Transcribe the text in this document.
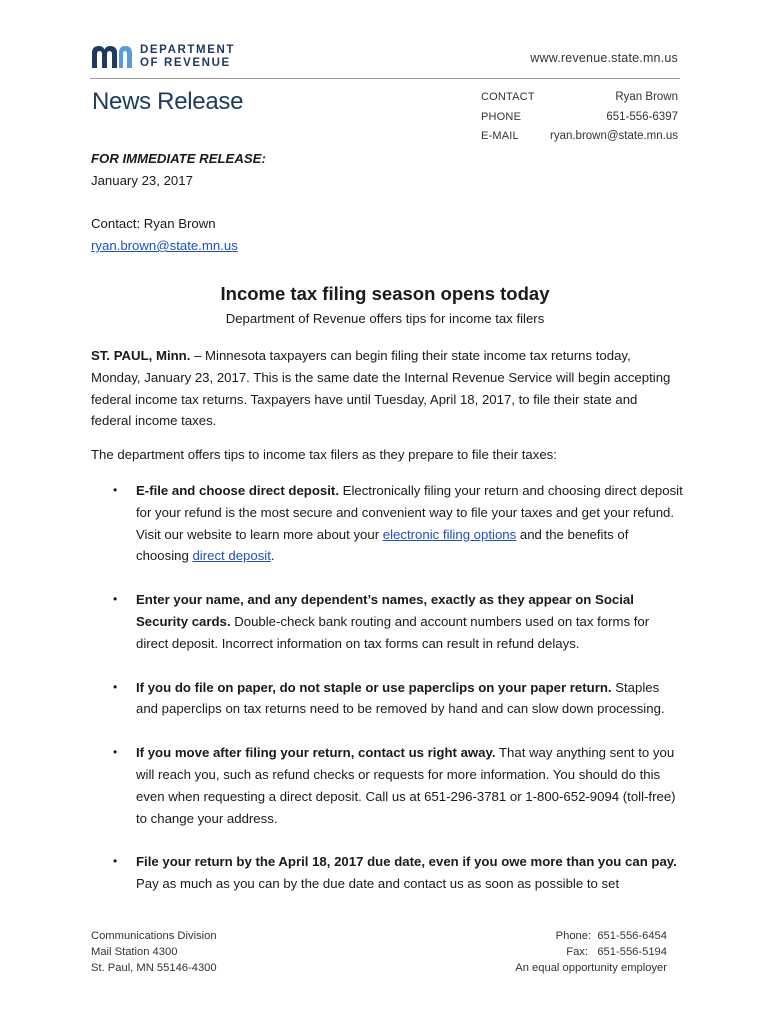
DEPARTMENT
OF REVENUE	www.revenue.state.mn.us
News Release	CONTACT	Ryan Brown
PHONE	651-556-6397
E-MAIL	ryan.brown@state.mn.us
FOR IMMEDIATE RELEASE:
January 23, 2017
Contact: Ryan Brown
ryan.brown@state.mn.us
Income tax filing season opens today
Department of Revenue offers tips for income tax filers
ST. PAUL, Minn. – Minnesota taxpayers can begin filing their state income tax returns today, Monday, January 23, 2017. This is the same date the Internal Revenue Service will begin accepting federal income tax returns. Taxpayers have until Tuesday, April 18, 2017, to file their state and federal income taxes.
The department offers tips to income tax filers as they prepare to file their taxes:
• E-file and choose direct deposit. Electronically filing your return and choosing direct deposit for your refund is the most secure and convenient way to file your taxes and get your refund. Visit our website to learn more about your electronic filing options and the benefits of choosing direct deposit.
• Enter your name, and any dependent’s names, exactly as they appear on Social Security cards. Double-check bank routing and account numbers used on tax forms for direct deposit. Incorrect information on tax forms can result in refund delays.
• If you do file on paper, do not staple or use paperclips on your paper return. Staples and paperclips on tax returns need to be removed by hand and can slow down processing.
• If you move after filing your return, contact us right away. That way anything sent to you will reach you, such as refund checks or requests for more information. You should do this even when requesting a direct deposit. Call us at 651-296-3781 or 1-800-652-9094 (toll-free) to change your address.
• File your return by the April 18, 2017 due date, even if you owe more than you can pay. Pay as much as you can by the due date and contact us as soon as possible to set
Communications Division
Mail Station 4300
St. Paul, MN 55146-4300
Phone: 651-556-6454
Fax: 651-556-5194
An equal opportunity employer
